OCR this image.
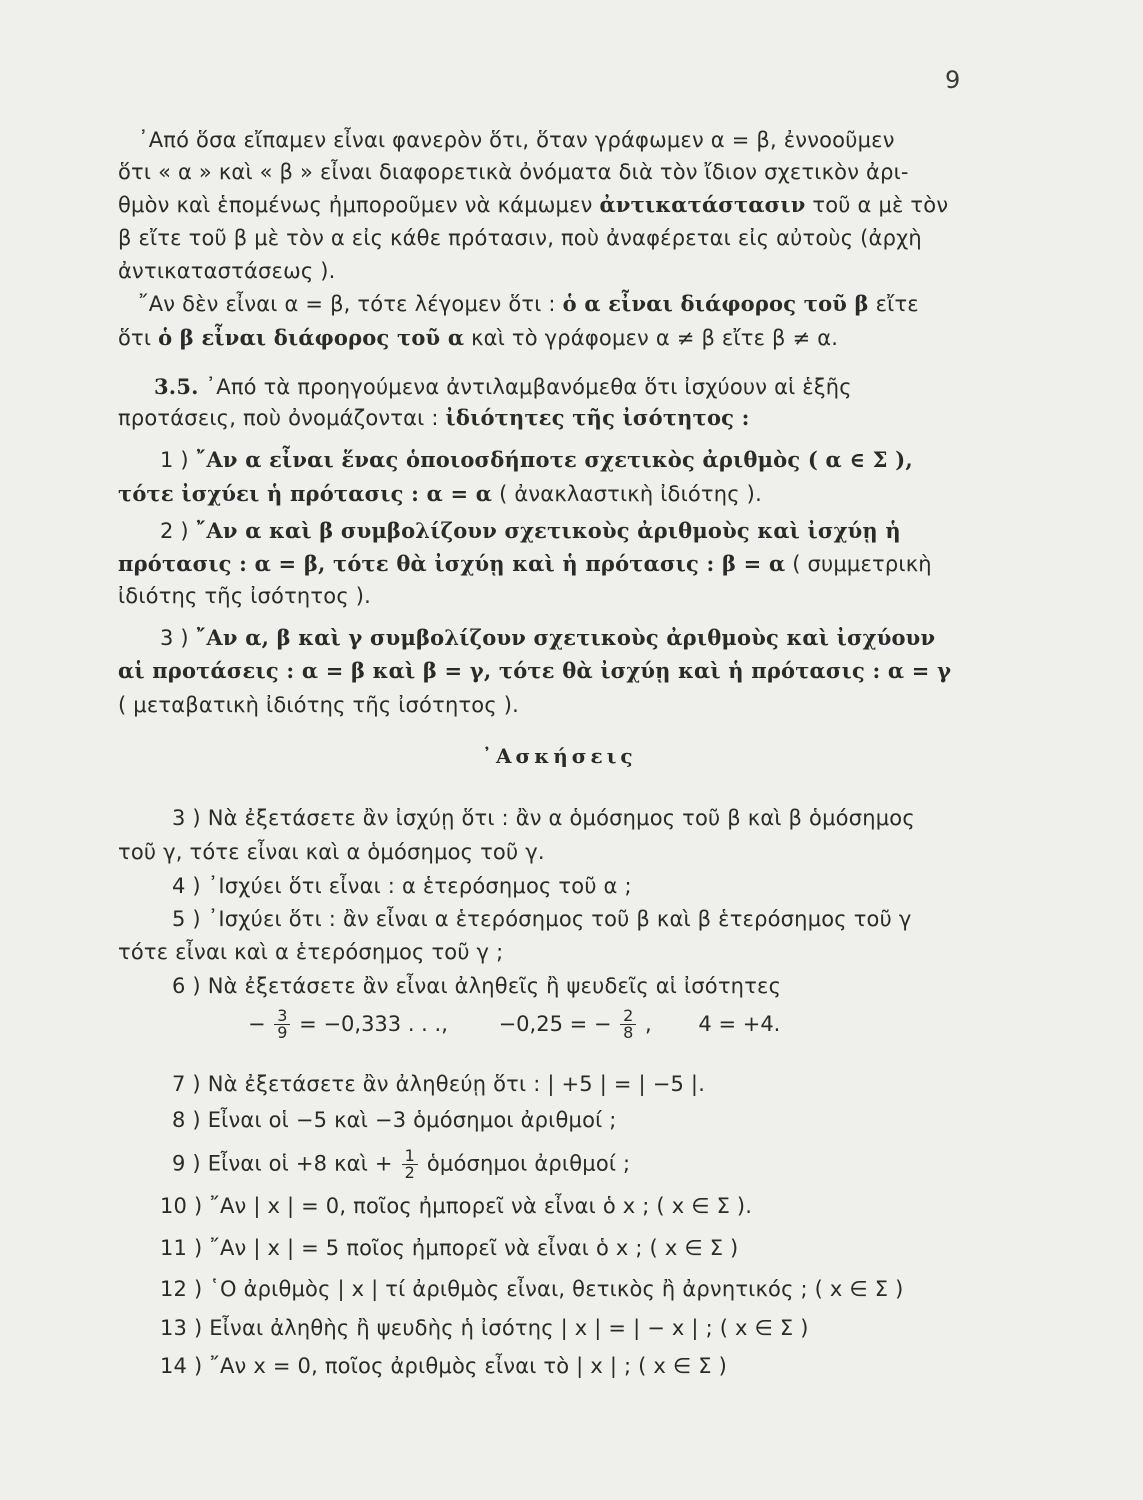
9
᾿Από ὅσα εἴπαμεν εἶναι φανερὸν ὅτι, ὅταν γράφωμεν α = β, ἐννοοῦμεν
ὅτι « α » καὶ « β » εἶναι διαφορετικὰ ὀνόματα διὰ τὸν ἴδιον σχετικὸν ἀρι-
θμὸν καὶ ἑπομένως ἠμποροῦμεν νὰ κάμωμεν ἀντικατάστασιν τοῦ α μὲ τὸν
β εἴτε τοῦ β μὲ τὸν α εἰς κάθε πρότασιν, ποὺ ἀναφέρεται εἰς αὐτοὺς (ἀρχὴ
ἀντικαταστάσεως ).
῎Αν δὲν εἶναι α = β, τότε λέγομεν ὅτι : ὁ α εἶναι διάφορος τοῦ β εἴτε
ὅτι ὁ β εἶναι διάφορος τοῦ α καὶ τὸ γράφομεν α ≠ β εἴτε β ≠ α.
3.5. ᾿Από τὰ προηγούμενα ἀντιλαμβανόμεθα ὅτι ἰσχύουν αἱ ἑξῆς
προτάσεις, ποὺ ὀνομάζονται : ἰδιότητες τῆς ἰσότητος :
1 ) ῎Αν α εἶναι ἕνας ὁποιοσδήποτε σχετικὸς ἀριθμὸς ( α ∈ Σ ),
τότε ἰσχύει ἡ πρότασις : α = α ( ἀνακλαστικὴ ἰδιότης ).
2 ) ῎Αν α καὶ β συμβολίζουν σχετικοὺς ἀριθμοὺς καὶ ἰσχύῃ ἡ
πρότασις : α = β, τότε θὰ ἰσχύῃ καὶ ἡ πρότασις : β = α ( συμμετρικὴ
ἰδιότης τῆς ἰσότητος ).
3 ) ῎Αν α, β καὶ γ συμβολίζουν σχετικοὺς ἀριθμοὺς καὶ ἰσχύουν
αἱ προτάσεις : α = β καὶ β = γ, τότε θὰ ἰσχύῃ καὶ ἡ πρότασις : α = γ
( μεταβατικὴ ἰδιότης τῆς ἰσότητος ).
᾿Ασκήσεις
3 ) Νὰ ἐξετάσετε ἂν ἰσχύῃ ὅτι : ἂν α ὁμόσημος τοῦ β καὶ β ὁμόσημος
τοῦ γ, τότε εἶναι καὶ α ὁμόσημος τοῦ γ.
4 ) ᾿Ισχύει ὅτι εἶναι : α ἑτερόσημος τοῦ α ;
5 ) ᾿Ισχύει ὅτι : ἂν εἶναι α ἑτερόσημος τοῦ β καὶ β ἑτερόσημος τοῦ γ
τότε εἶναι καὶ α ἑτερόσημος τοῦ γ ;
6 ) Νὰ ἐξετάσετε ἂν εἶναι ἀληθεῖς ἢ ψευδεῖς αἱ ἰσότητες
− $\frac{3}{9} = -0,333$ . . ., −0,25 = − $\frac{2}{8}$ , 4 = +4.
7 ) Νὰ ἐξετάσετε ἂν ἀληθεύῃ ὅτι : | +5 | = | −5 |.
8 ) Εἶναι οἱ −5 καὶ −3 ὁμόσημοι ἀριθμοί ;
9 ) Εἶναι οἱ +8 καὶ + $\frac{1}{2}$ ὁμόσημοι ἀριθμοί ;
10 ) ῎Αν | x | = 0, ποῖος ἠμπορεῖ νὰ εἶναι ὁ x ; ( x ∈ Σ ).
11 ) ῎Αν | x | = 5 ποῖος ἠμπορεῖ νὰ εἶναι ὁ x ; ( x ∈ Σ )
12 ) ῾Ο ἀριθμὸς | x | τί ἀριθμὸς εἶναι, θετικὸς ἢ ἀρνητικός ; ( x ∈ Σ )
13 ) Εἶναι ἀληθὴς ἢ ψευδὴς ἡ ἰσότης | x | = | − x | ; ( x ∈ Σ )
14 ) ῎Αν x = 0, ποῖος ἀριθμὸς εἶναι τὸ | x | ; ( x ∈ Σ )
